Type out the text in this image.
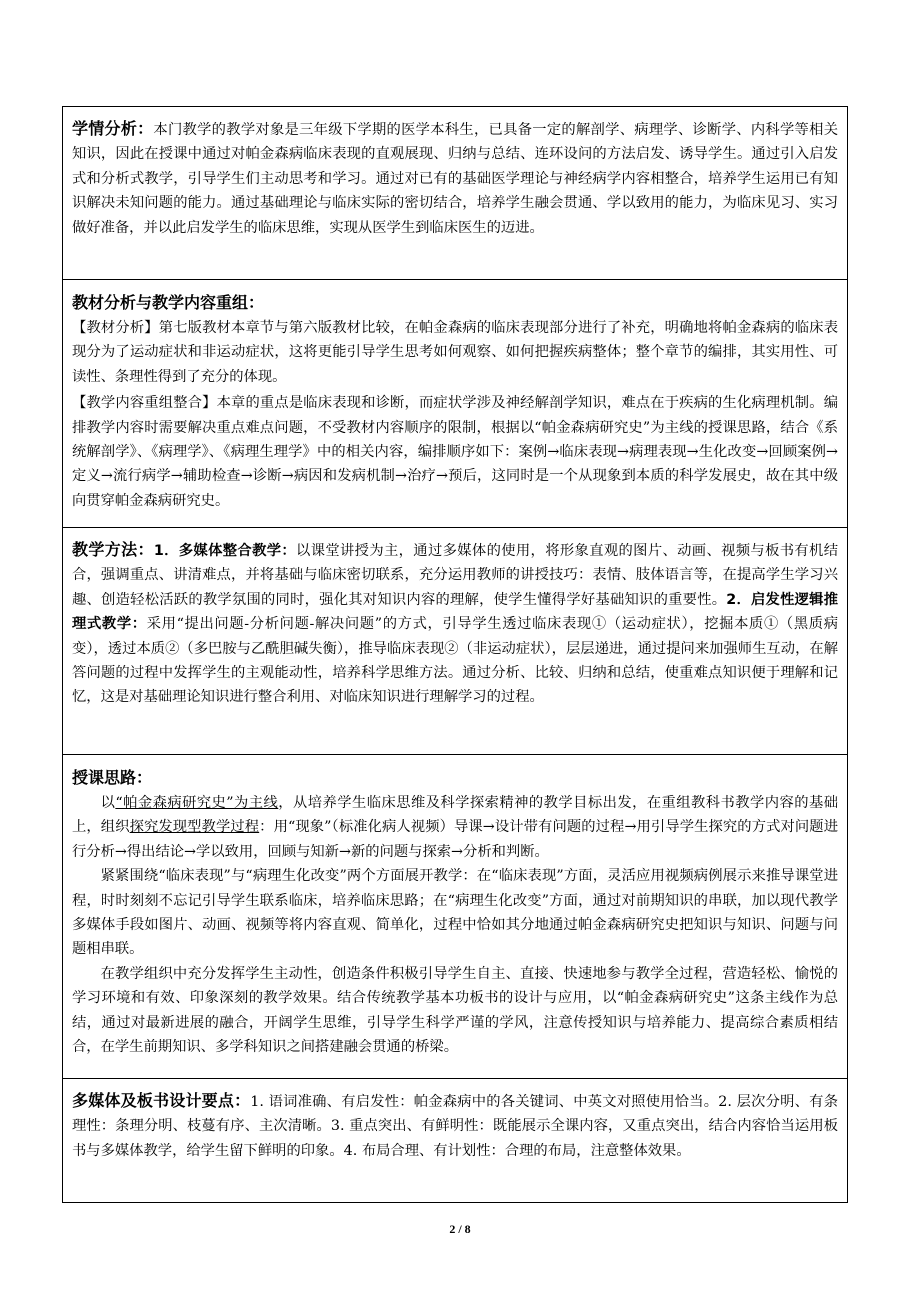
学情分析：本门教学的教学对象是三年级下学期的医学本科生，已具备一定的解剖学、病理学、诊断学、内科学等相关知识，因此在授课中通过对帕金森病临床表现的直观展现、归纳与总结、连环设问的方法启发、诱导学生。通过引入启发式和分析式教学，引导学生们主动思考和学习。通过对已有的基础医学理论与神经病学内容相整合，培养学生运用已有知识解决未知问题的能力。通过基础理论与临床实际的密切结合，培养学生融会贯通、学以致用的能力，为临床见习、实习做好准备，并以此启发学生的临床思维，实现从医学生到临床医生的迈进。

教材分析与教学内容重组：

【教材分析】第七版教材本章节与第六版教材比较，在帕金森病的临床表现部分进行了补充，明确地将帕金森病的临床表现分为了运动症状和非运动症状，这将更能引导学生思考如何观察、如何把握疾病整体；整个章节的编排，其实用性、可读性、条理性得到了充分的体现。

【教学内容重组整合】本章的重点是临床表现和诊断，而症状学涉及神经解剖学知识，难点在于疾病的生化病理机制。编排教学内容时需要解决重点难点问题，不受教材内容顺序的限制，根据以“帕金森病研究史”为主线的授课思路，结合《系统解剖学》、《病理学》、《病理生理学》中的相关内容，编排顺序如下：案例→临床表现→病理表现→生化改变→回顾案例→定义→流行病学→辅助检查→诊断→病因和发病机制→治疗→预后，这同时是一个从现象到本质的科学发展史，故在其中级向贯穿帕金森病研究史。

教学方法：1．多媒体整合教学：以课堂讲授为主，通过多媒体的使用，将形象直观的图片、动画、视频与板书有机结合，强调重点、讲清难点，并将基础与临床密切联系，充分运用教师的讲授技巧：表情、肢体语言等，在提高学生学习兴趣、创造轻松活跃的教学氛围的同时，强化其对知识内容的理解，使学生懂得学好基础知识的重要性。2．启发性逻辑推理式教学：采用“提出问题-分析问题-解决问题”的方式，引导学生透过临床表现①（运动症状），挖掘本质①（黑质病变），透过本质②（多巴胺与乙酰胆碱失衡），推导临床表现②（非运动症状），层层递进，通过提问来加强师生互动，在解答问题的过程中发挥学生的主观能动性，培养科学思维方法。通过分析、比较、归纳和总结，使重难点知识便于理解和记忆，这是对基础理论知识进行整合利用、对临床知识进行理解学习的过程。

授课思路：

以“帕金森病研究史”为主线，从培养学生临床思维及科学探索精神的教学目标出发，在重组教科书教学内容的基础上，组织探究发现型教学过程：用“现象”（标准化病人视频）导课→设计带有问题的过程→用引导学生探究的方式对问题进行分析→得出结论→学以致用，回顾与知新→新的问题与探索→分析和判断。

紧紧围绕“临床表现”与“病理生化改变”两个方面展开教学：在“临床表现”方面，灵活应用视频病例展示来推导课堂进程，时时刻刻不忘记引导学生联系临床，培养临床思路；在“病理生化改变”方面，通过对前期知识的串联，加以现代教学多媒体手段如图片、动画、视频等将内容直观、简单化，过程中恰如其分地通过帕金森病研究史把知识与知识、问题与问题相串联。

在教学组织中充分发挥学生主动性，创造条件积极引导学生自主、直接、快速地参与教学全过程，营造轻松、愉悦的学习环境和有效、印象深刻的教学效果。结合传统教学基本功板书的设计与应用，以“帕金森病研究史”这条主线作为总结，通过对最新进展的融合，开阔学生思维，引导学生科学严谨的学风，注意传授知识与培养能力、提高综合素质相结合，在学生前期知识、多学科知识之间搭建融会贯通的桥梁。

多媒体及板书设计要点：1. 语词准确、有启发性：帕金森病中的各关键词、中英文对照使用恰当。2. 层次分明、有条理性：条理分明、枝蔓有序、主次清晰。3. 重点突出、有鲜明性：既能展示全课内容，又重点突出，结合内容恰当运用板书与多媒体教学，给学生留下鲜明的印象。4. 布局合理、有计划性：合理的布局，注意整体效果。

2 / 8
